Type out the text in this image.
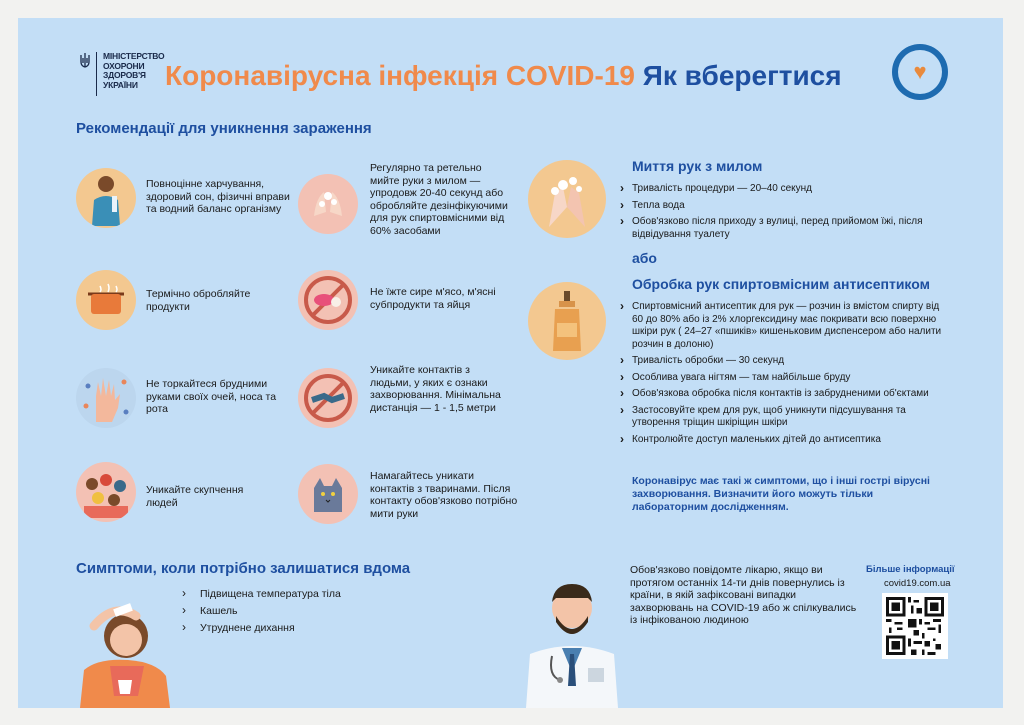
МІНІСТЕРСТВО
ОХОРОНИ
ЗДОРОВ'Я
УКРАЇНИ Коронавірусна інфекція COVID-19 Як вберегтися	♥
Рекомендації для уникнення зараження
Повноцінне харчування, здоровий сон, фізичні вправи та водний баланс організму
Регулярно та ретельно мийте руки з милом — упродовж 20-40 секунд або обробляйте дезінфікуючими для рук спиртовмісними від 60% засобами
Термічно обробляйте продукти
Не їжте сире м'ясо, м'ясні субпродукти та яйця
Не торкайтеся брудними руками своїх очей, носа та рота
Уникайте контактів з людьми, у яких є ознаки захворювання. Мінімальна дистанція — 1 - 1,5 метри
Уникайте скупчення людей
Намагайтесь уникати контактів з тваринами. Після контакту обов'язково потрібно мити руки
Миття рук з милом
› Тривалість процедури — 20–40 секунд
› Тепла вода
› Обов'язково після приходу з вулиці, перед прийомом їжі, після відвідування туалету
або
Обробка рук спиртовмісним антисептиком
› Спиртовмісний антисептик для рук — розчин із вмістом спирту від 60 до 80% або із 2% хлоргексидину має покривати всю поверхню шкіри рук ( 24–27 «пшиків» кишеньковим диспенсером або налити розчин в долоню)
› Тривалість обробки — 30 секунд
› Особлива увага нігтям — там найбільше бруду
› Обов'язкова обробка після контактів із забрудненими об'єктами
› Застосовуйте крем для рук, щоб уникнути підсушування та утворення тріщин шкіріщин шкіри
› Контролюйте доступ маленьких дітей до антисептика
Коронавірус має такі ж симптоми, що і інші гострі вірусні захворювання. Визначити його можуть тільки лабораторним дослідженням.
Симптоми, коли потрібно залишатися вдома
› Підвищена температура тіла
› Кашель
› Утруднене дихання
Обов'язково повідомте лікарю, якщо ви протягом останніх 14-ти днів повернулись із країни, в якій зафіксовані випадки захворювань на COVID-19 або ж спілкувались із інфікованою людиною
Більше інформації
covid19.com.ua
